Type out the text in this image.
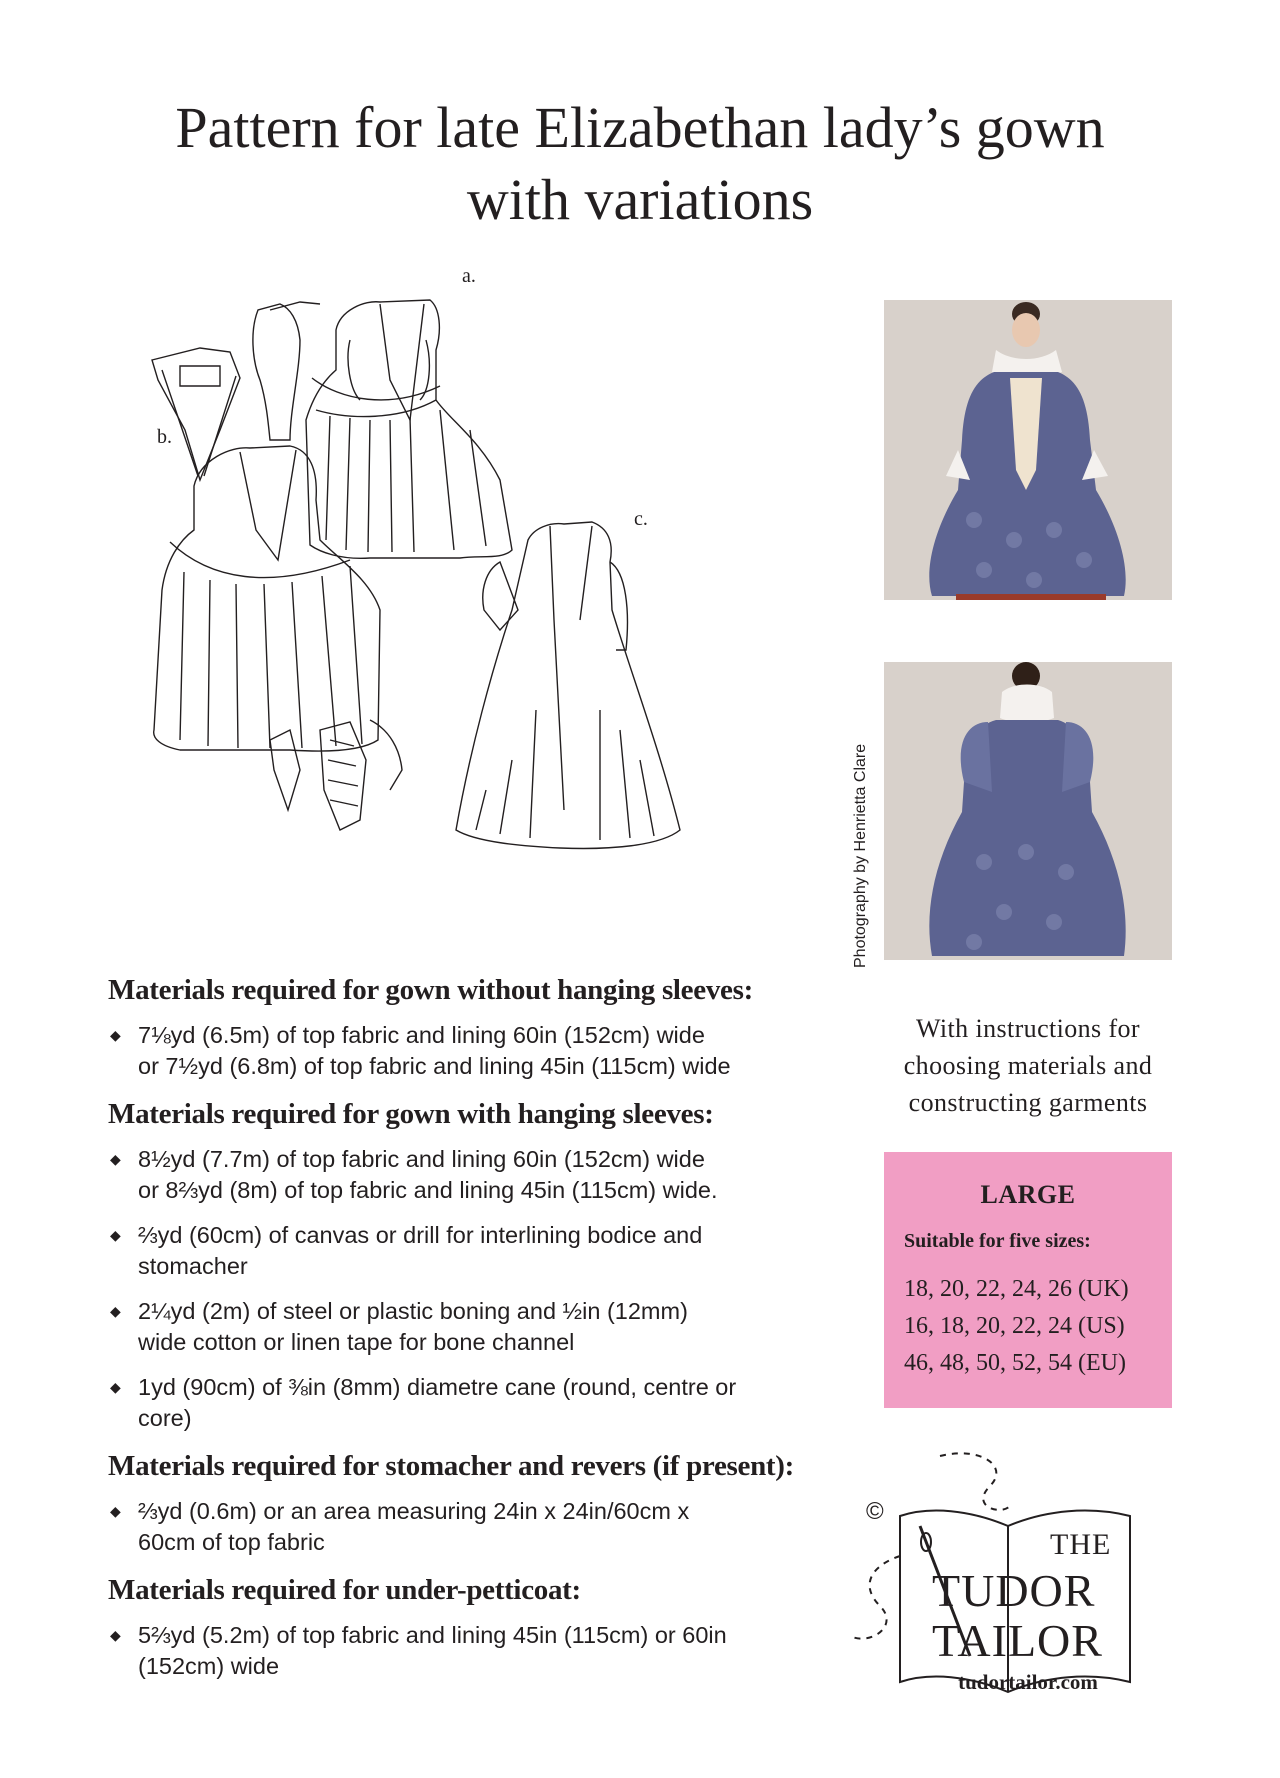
Pattern for late Elizabethan lady’s gown
with variations
a.
b.
c.
Photography by Henrietta Clare
Materials required for gown without hanging sleeves:
◆ 7⅛yd (6.5m) of top fabric and lining 60in (152cm) wide
or 7½yd (6.8m) of top fabric and lining 45in (115cm) wide
Materials required for gown with hanging sleeves:
◆ 8½yd (7.7m) of top fabric and lining 60in (152cm) wide
or 8⅔yd (8m) of top fabric and lining 45in (115cm) wide.
◆ ⅔yd (60cm) of canvas or drill for interlining bodice and
stomacher
◆ 2¼yd (2m) of steel or plastic boning and ½in (12mm)
wide cotton or linen tape for bone channel
◆ 1yd (90cm) of ⅜in (8mm) diametre cane (round, centre or
core)
Materials required for stomacher and revers (if present):
◆ ⅔yd (0.6m) or an area measuring 24in x 24in/60cm x
60cm of top fabric
Materials required for under-petticoat:
◆ 5⅔yd (5.2m) of top fabric and lining 45in (115cm) or 60in
(152cm) wide
With instructions for
choosing materials and
constructing garments
LARGE
Suitable for five sizes:
18, 20, 22, 24, 26 (UK)
16, 18, 20, 22, 24 (US)
46, 48, 50, 52, 54 (EU)
©
THE
TUDOR
TAILOR
tudortailor.com
